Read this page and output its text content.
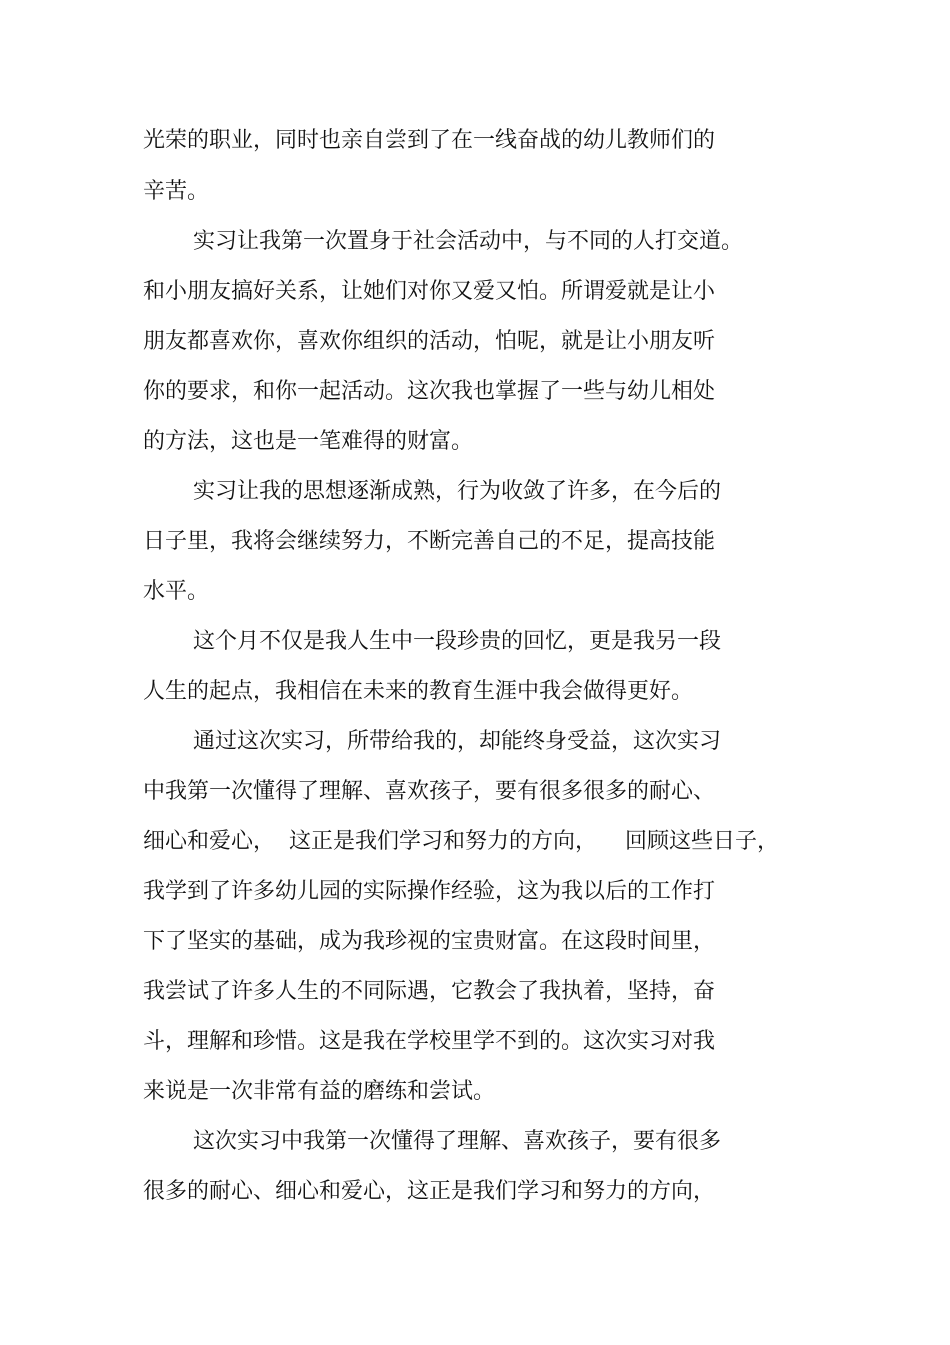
光荣的职业，同时也亲自尝到了在一线奋战的幼儿教师们的
辛苦。
实习让我第一次置身于社会活动中，与不同的人打交道。
和小朋友搞好关系，让她们对你又爱又怕。所谓爱就是让小
朋友都喜欢你，喜欢你组织的活动，怕呢，就是让小朋友听
你的要求，和你一起活动。这次我也掌握了一些与幼儿相处
的方法，这也是一笔难得的财富。
实习让我的思想逐渐成熟，行为收敛了许多，在今后的
日子里，我将会继续努力，不断完善自己的不足，提高技能
水平。
这个月不仅是我人生中一段珍贵的回忆，更是我另一段
人生的起点，我相信在未来的教育生涯中我会做得更好。
通过这次实习，所带给我的，却能终身受益，这次实习
中我第一次懂得了理解、喜欢孩子，要有很多很多的耐心、
细心和爱心，  这正是我们学习和努力的方向，    回顾这些日子，
我学到了许多幼儿园的实际操作经验，这为我以后的工作打
下了坚实的基础，成为我珍视的宝贵财富。在这段时间里，
我尝试了许多人生的不同际遇，它教会了我执着，坚持，奋
斗，理解和珍惜。这是我在学校里学不到的。这次实习对我
来说是一次非常有益的磨练和尝试。
这次实习中我第一次懂得了理解、喜欢孩子，要有很多
很多的耐心、细心和爱心，这正是我们学习和努力的方向，
